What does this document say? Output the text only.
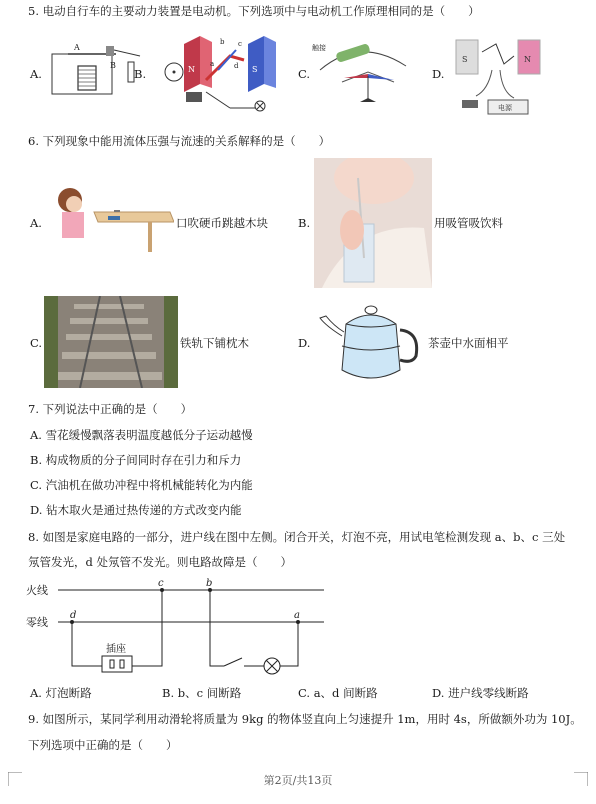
5. 电动自行车的主要动力装置是电动机。下列选项中与电动机工作原理相同的是（　　）
A.
A
B
B.	N	S
b c
a	d
C.
触接
D.
S	N
电源
6. 下列现象中能用流体压强与流速的关系解释的是（　　）
A.	口吹硬币跳越木块	B.	用吸管吸饮料
C.	铁轨下铺枕木	D.	茶壶中水面相平
7. 下列说法中正确的是（　　）
A. 雪花缓慢飘落表明温度越低分子运动越慢
B. 构成物质的分子间同时存在引力和斥力
C. 汽油机在做功冲程中将机械能转化为内能
D. 钻木取火是通过热传递的方式改变内能
8. 如图是家庭电路的一部分，进户线在图中左侧。闭合开关，灯泡不亮，用试电笔检测发现 a、b、c 三处
氖管发光，d 处氖管不发光。则电路故障是（　　）
火线
零线
c	b
d	a
插座
A. 灯泡断路	B. b、c 间断路	C. a、d 间断路	D. 进户线零线断路
9. 如图所示，某同学利用动滑轮将质量为 9kg 的物体竖直向上匀速提升 1m，用时 4s，所做额外功为 10J。
下列选项中正确的是（　　）
第2页/共13页
